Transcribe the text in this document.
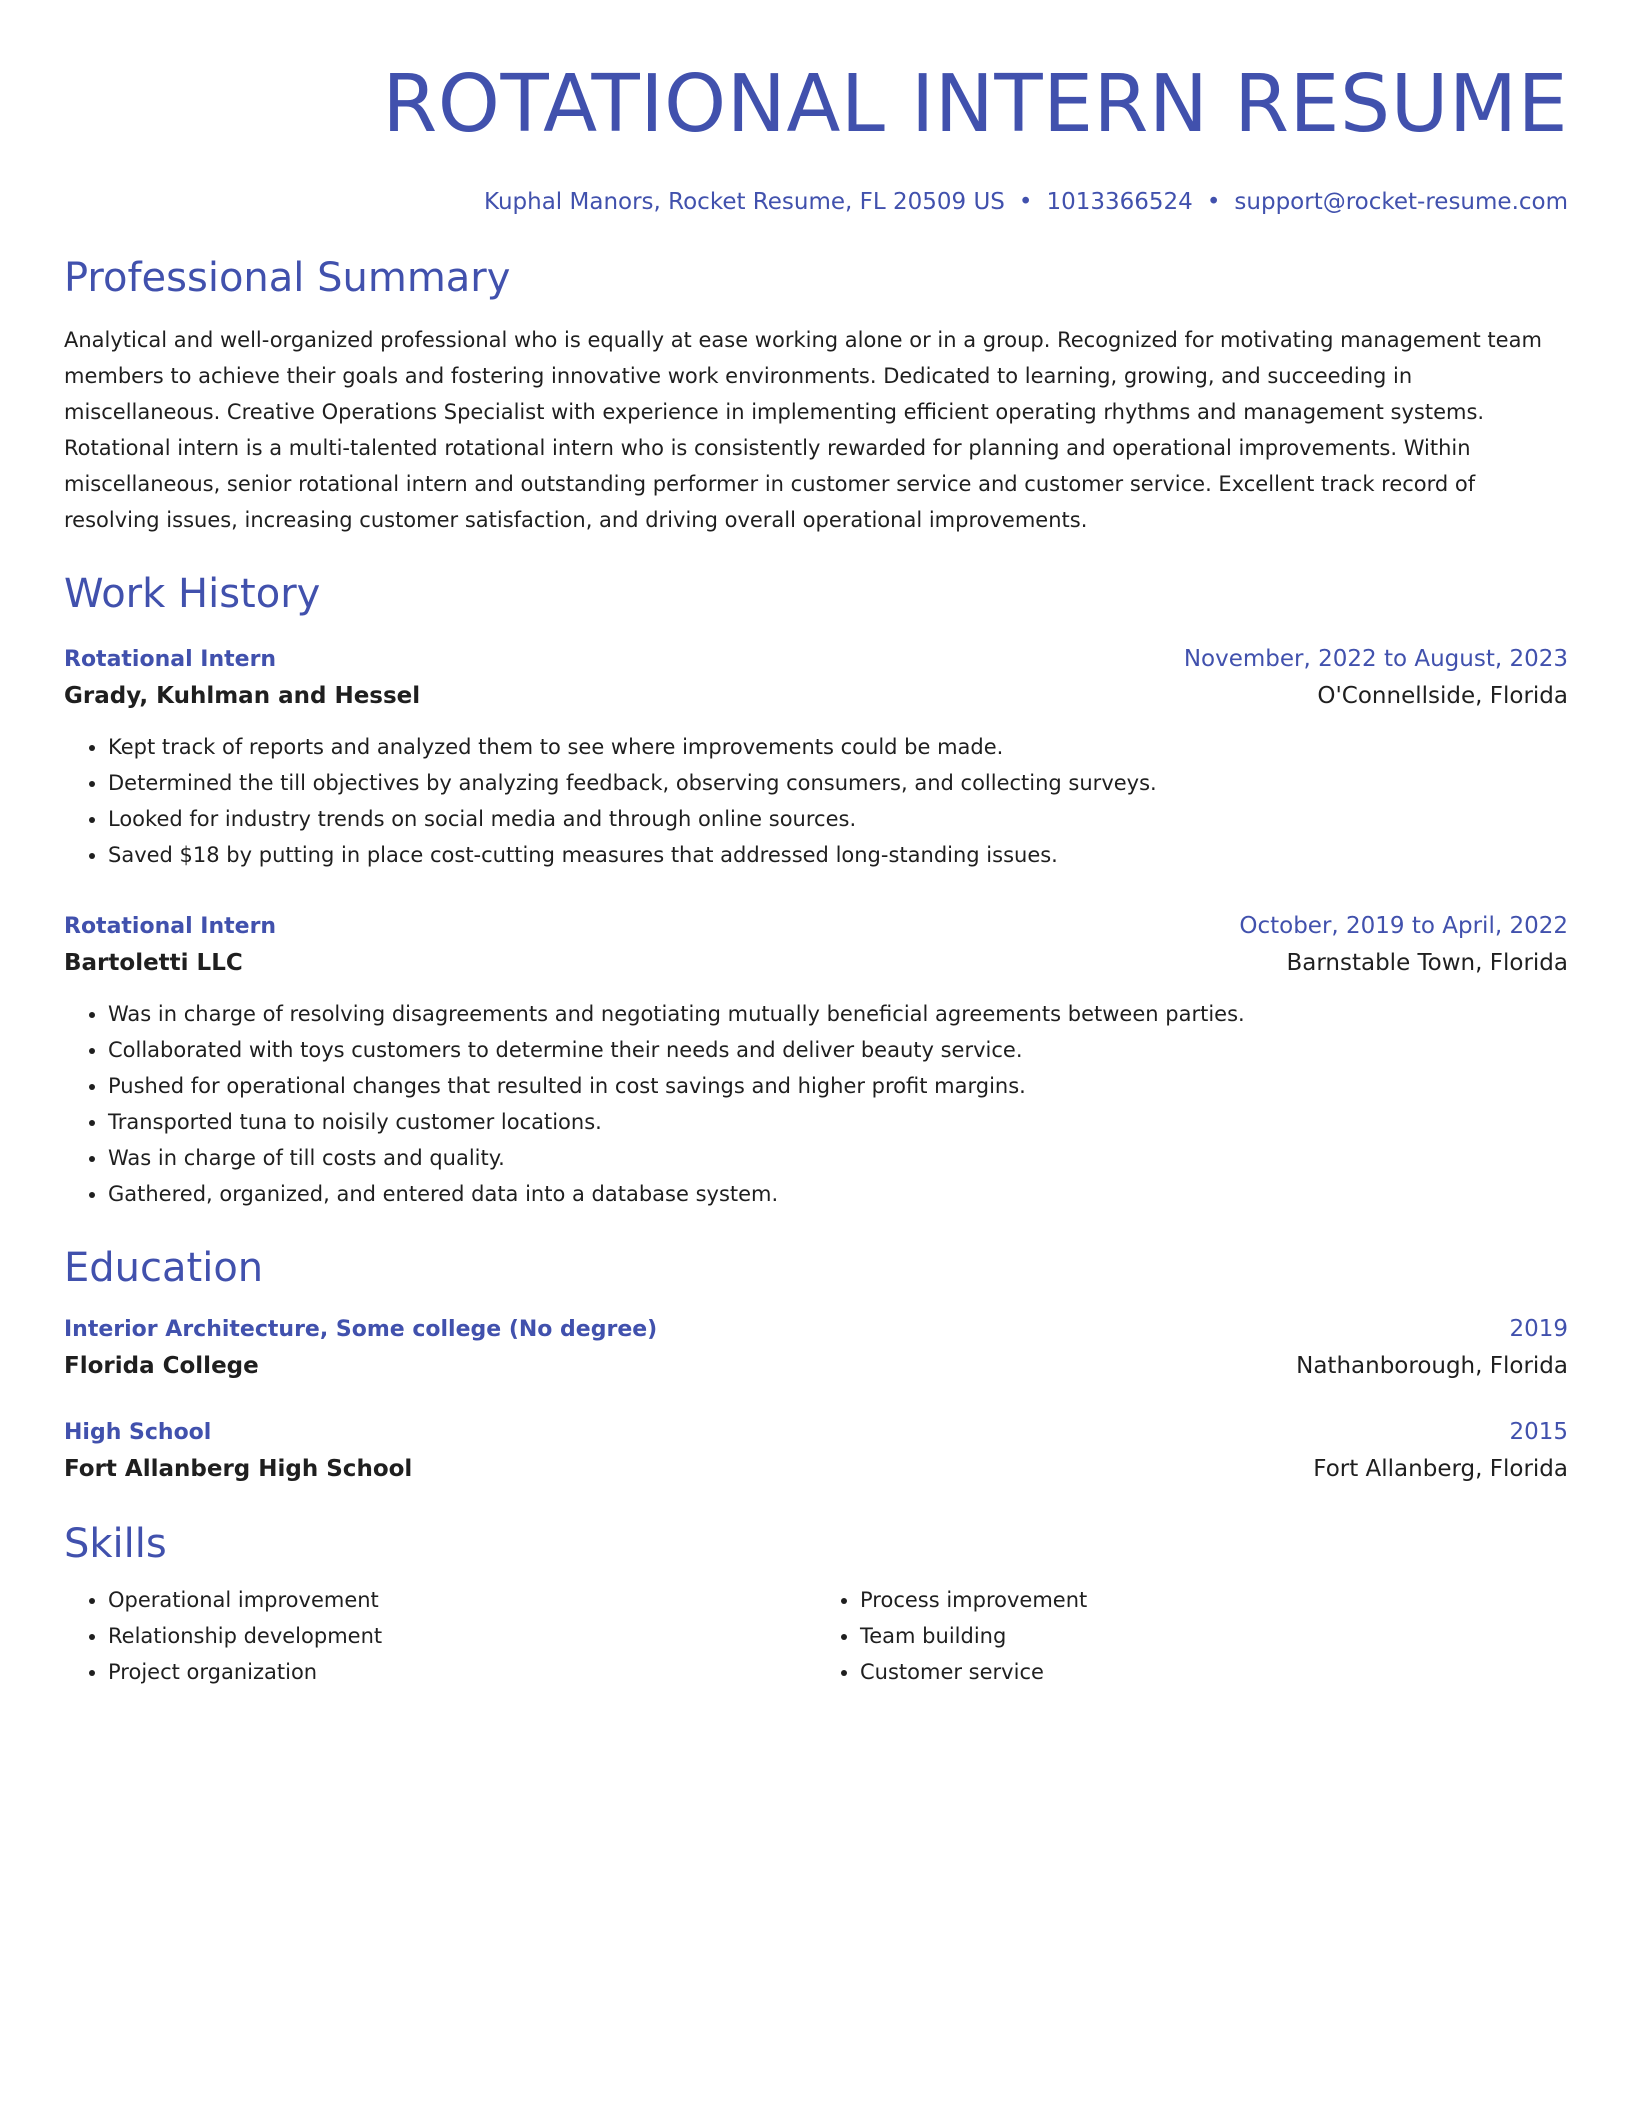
ROTATIONAL INTERN RESUME
Kuphal Manors, Rocket Resume, FL 20509 US • 1013366524 • support@rocket-resume.com
Professional Summary

Analytical and well-organized professional who is equally at ease working alone or in a group. Recognized for motivating management team members to achieve their goals and fostering innovative work environments. Dedicated to learning, growing, and succeeding in miscellaneous. Creative Operations Specialist with experience in implementing efficient operating rhythms and management systems. Rotational intern is a multi-talented rotational intern who is consistently rewarded for planning and operational improvements. Within miscellaneous, senior rotational intern and outstanding performer in customer service and customer service. Excellent track record of resolving issues, increasing customer satisfaction, and driving overall operational improvements.

Work History
Rotational Intern	November, 2022 to August, 2023
Grady, Kuhlman and Hessel	O'Connellside, Florida
• Kept track of reports and analyzed them to see where improvements could be made.
• Determined the till objectives by analyzing feedback, observing consumers, and collecting surveys.
• Looked for industry trends on social media and through online sources.
• Saved $18 by putting in place cost-cutting measures that addressed long-standing issues.
Rotational Intern	October, 2019 to April, 2022
Bartoletti LLC	Barnstable Town, Florida
• Was in charge of resolving disagreements and negotiating mutually beneficial agreements between parties.
• Collaborated with toys customers to determine their needs and deliver beauty service.
• Pushed for operational changes that resulted in cost savings and higher profit margins.
• Transported tuna to noisily customer locations.
• Was in charge of till costs and quality.
• Gathered, organized, and entered data into a database system.
Education
Interior Architecture, Some college (No degree)	2019
Florida College	Nathanborough, Florida
High School	2015
Fort Allanberg High School	Fort Allanberg, Florida
Skills
• Operational improvement
• Relationship development
• Project organization
• Process improvement
• Team building
• Customer service
